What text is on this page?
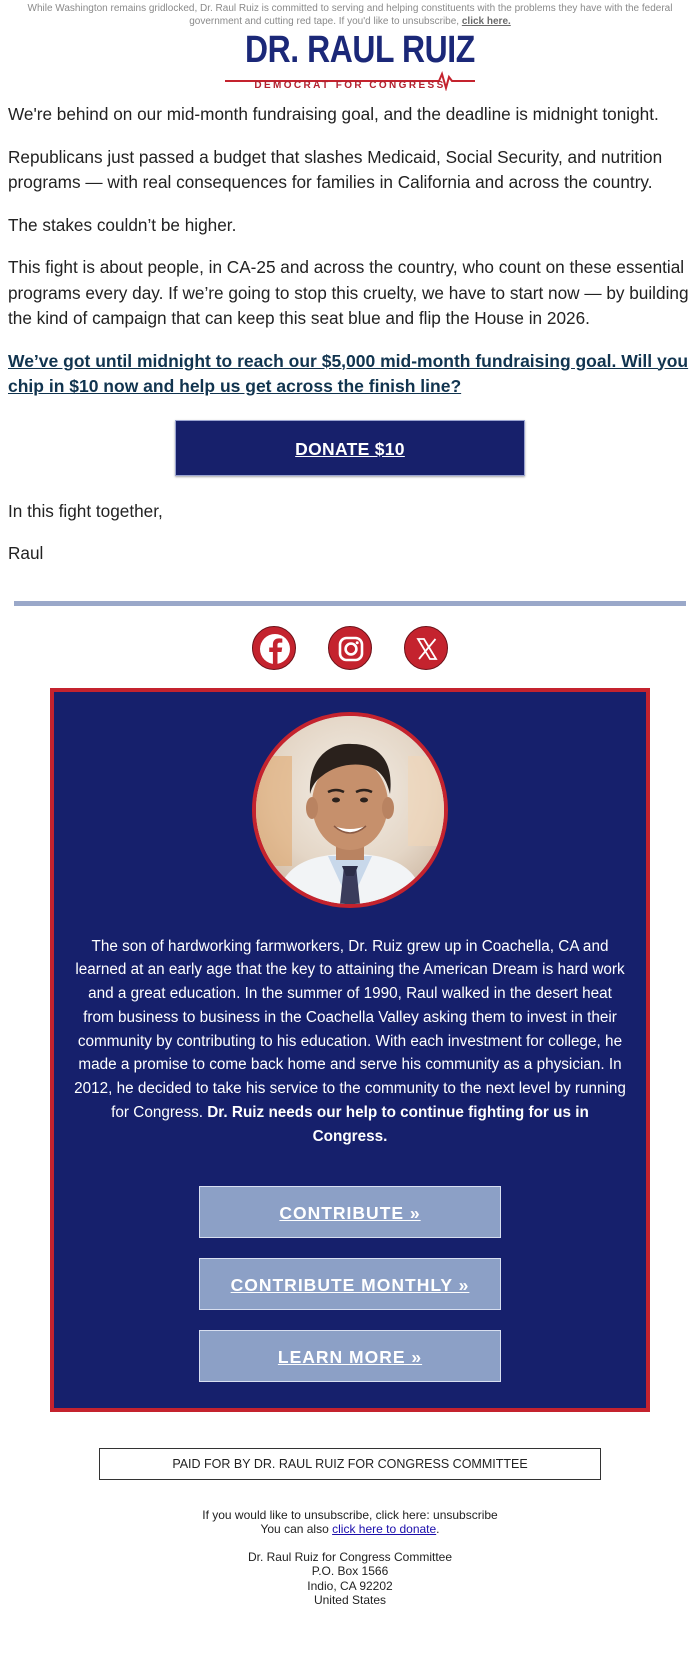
While Washington remains gridlocked, Dr. Raul Ruiz is committed to serving and helping constituents with the problems they have with the federal government and cutting red tape. If you'd like to unsubscribe, click here.
DR. RAUL RUIZ
DEMOCRAT FOR CONGRESS

We're behind on our mid-month fundraising goal, and the deadline is midnight tonight.

Republicans just passed a budget that slashes Medicaid, Social Security, and nutrition programs — with real consequences for families in California and across the country.

The stakes couldn’t be higher.

This fight is about people, in CA-25 and across the country, who count on these essential programs every day. If we’re going to stop this cruelty, we have to start now — by building the kind of campaign that can keep this seat blue and flip the House in 2026.

We’ve got until midnight to reach our $5,000 mid-month fundraising goal. Will you chip in $10 now and help us get across the finish line?

DONATE $10

In this fight together,

Raul

The son of hardworking farmworkers, Dr. Ruiz grew up in Coachella, CA and learned at an early age that the key to attaining the American Dream is hard work and a great education. In the summer of 1990, Raul walked in the desert heat from business to business in the Coachella Valley asking them to invest in their community by contributing to his education. With each investment for college, he made a promise to come back home and serve his community as a physician. In 2012, he decided to take his service to the community to the next level by running for Congress. Dr. Ruiz needs our help to continue fighting for us in Congress.
CONTRIBUTE »
CONTRIBUTE MONTHLY »
LEARN MORE »
PAID FOR BY DR. RAUL RUIZ FOR CONGRESS COMMITTEE
If you would like to unsubscribe, click here: unsubscribe
You can also click here to donate.
Dr. Raul Ruiz for Congress Committee
P.O. Box 1566
Indio, CA 92202
United States
